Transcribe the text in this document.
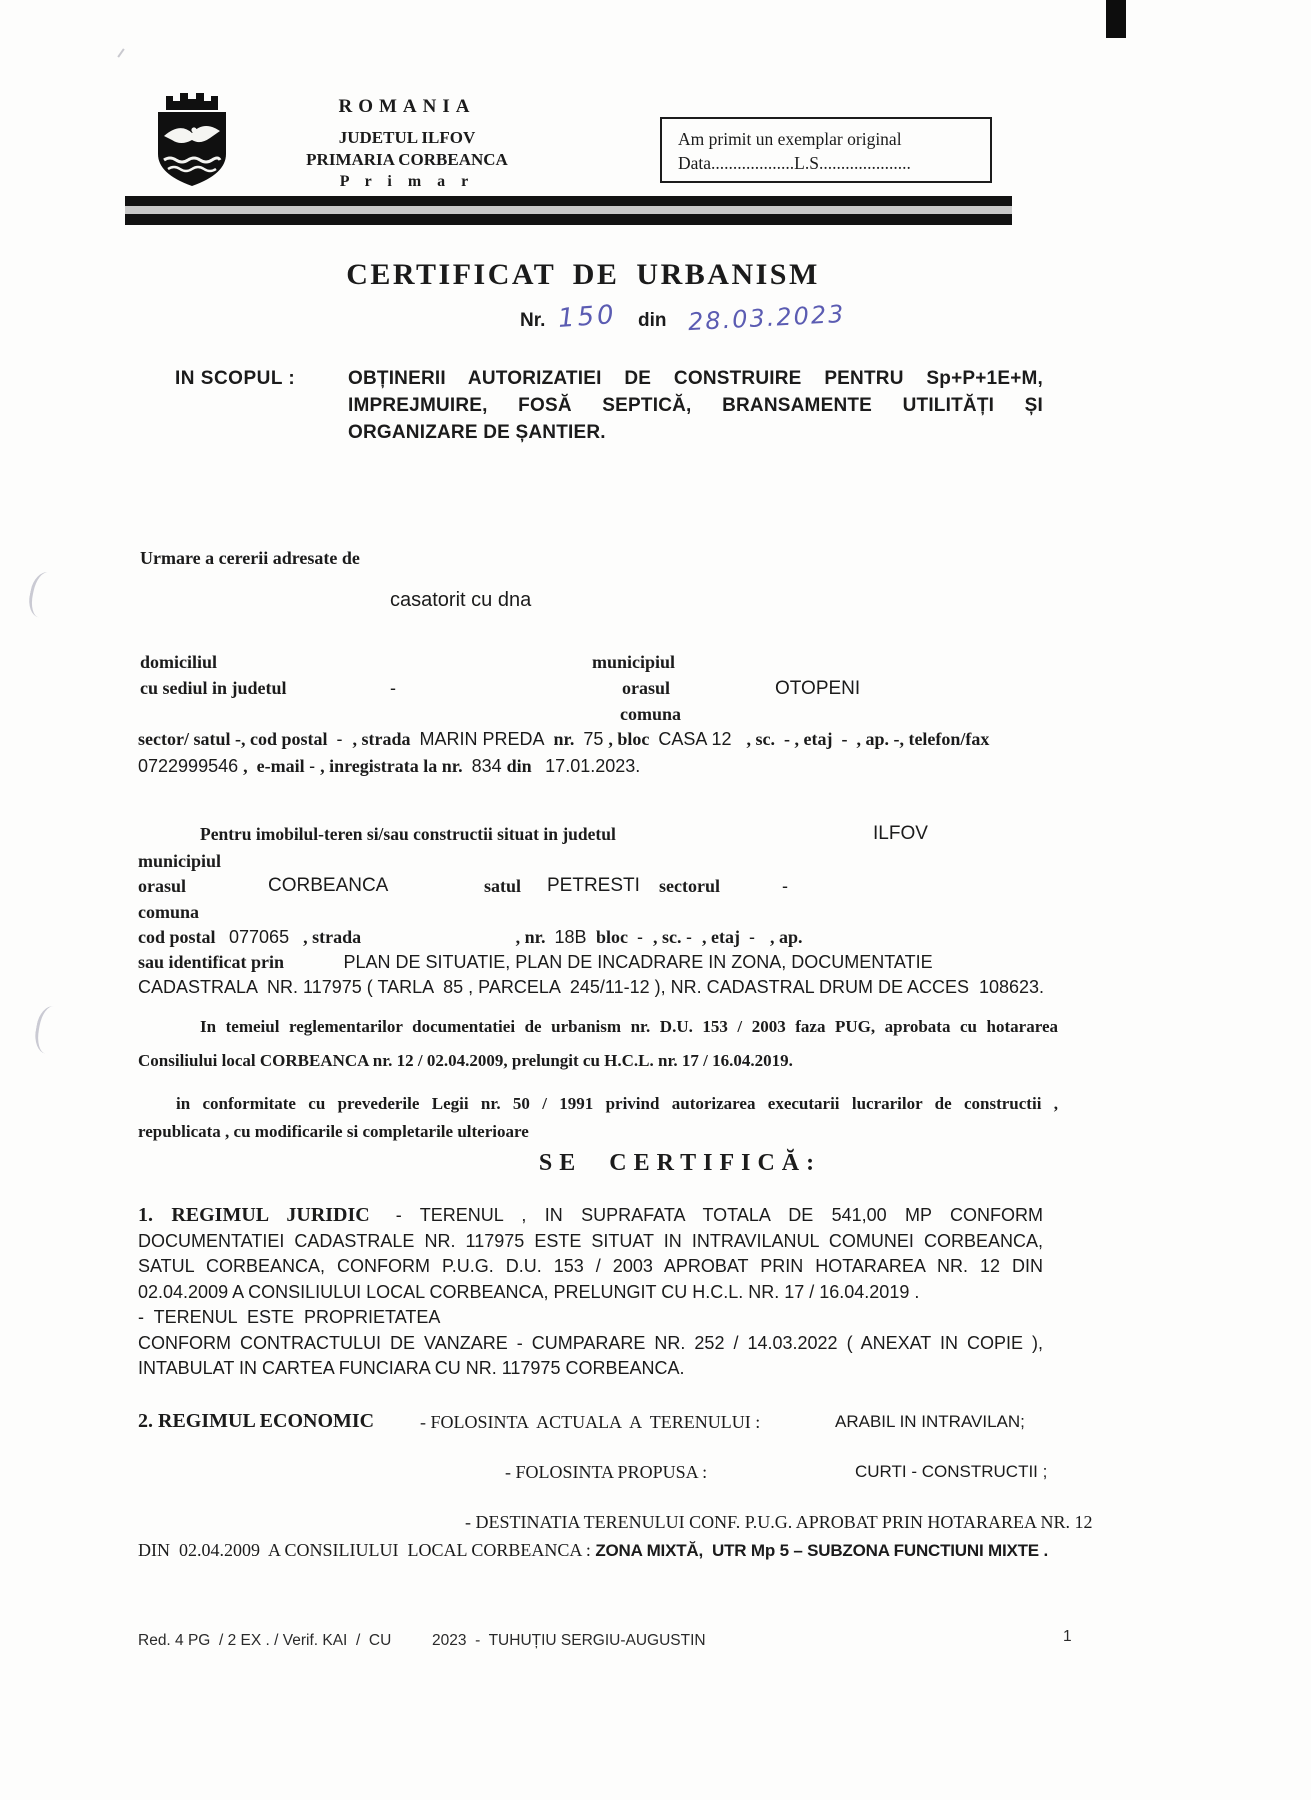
ROMANIA
JUDETUL ILFOV
PRIMARIA CORBEANCA
P r i m a r
Am primit un exemplar original
Data...................L.S.....................
CERTIFICAT DE URBANISM
Nr. 150 din 28.03.2023
IN SCOPUL :	OBȚINERII AUTORIZATIEI DE CONSTRUIRE PENTRU Sp+P+1E+M,
IMPREJMUIRE, FOSĂ SEPTICĂ, BRANSAMENTE UTILITĂȚI ȘI
ORGANIZARE DE ȘANTIER.
Urmare a cererii adresate de
casatorit cu dna
domiciliul	municipiul
cu sediul in judetul	-	orasul	OTOPENI
comuna
sector/ satul -, cod postal  -  , strada  MARIN PREDA  nr.  75 , bloc  CASA 12   , sc.  - , etaj  -  , ap. -, telefon/fax
0722999546 ,  e-mail - , inregistrata la nr.  834 din   17.01.2023.
Pentru imobilul-teren si/sau constructii situat in judetul	ILFOV
municipiul
orasul	CORBEANCA	satul PETRESTI sectorul	-
comuna
cod postal   077065   , strada	, nr.  18B  bloc  -  , sc. -  , etaj  -   , ap.
sau identificat prin	PLAN DE SITUATIE, PLAN DE INCADRARE IN ZONA, DOCUMENTATIE
CADASTRALA  NR. 117975 ( TARLA  85 , PARCELA  245/11-12 ), NR. CADASTRAL DRUM DE ACCES  108623.
In temeiul reglementarilor documentatiei de urbanism nr. D.U. 153 / 2003 faza PUG, aprobata cu hotararea
Consiliului local CORBEANCA nr. 12 / 02.04.2009, prelungit cu H.C.L. nr. 17 / 16.04.2019.
in conformitate cu prevederile Legii nr. 50 / 1991 privind autorizarea executarii lucrarilor de constructii ,
republicata , cu modificarile si completarile ulterioare
SE CERTIFICĂ:
1. REGIMUL JURIDIC - TERENUL , IN SUPRAFATA TOTALA DE 541,00 MP CONFORM
DOCUMENTATIEI CADASTRALE NR. 117975 ESTE SITUAT IN INTRAVILANUL COMUNEI CORBEANCA,
SATUL CORBEANCA, CONFORM P.U.G. D.U. 153 / 2003 APROBAT PRIN HOTARAREA NR. 12 DIN
02.04.2009 A CONSILIULUI LOCAL CORBEANCA, PRELUNGIT CU H.C.L. NR. 17 / 16.04.2019 .
-  TERENUL  ESTE  PROPRIETATEA
CONFORM CONTRACTULUI DE VANZARE - CUMPARARE NR. 252 / 14.03.2022 ( ANEXAT IN COPIE ),
INTABULAT IN CARTEA FUNCIARA CU NR. 117975 CORBEANCA.
2. REGIMUL ECONOMIC	- FOLOSINTA  ACTUALA  A  TERENULUI :	ARABIL IN INTRAVILAN;
- FOLOSINTA PROPUSA :	CURTI - CONSTRUCTII ;
- DESTINATIA TERENULUI CONF. P.U.G. APROBAT PRIN HOTARAREA NR. 12
DIN  02.04.2009  A CONSILIULUI  LOCAL CORBEANCA : ZONA MIXTĂ,  UTR Mp 5 – SUBZONA FUNCTIUNI MIXTE .
Red. 4 PG  / 2 EX . / Verif. KAI  /  CU	2023  -  TUHUȚIU SERGIU-AUGUSTIN	1
